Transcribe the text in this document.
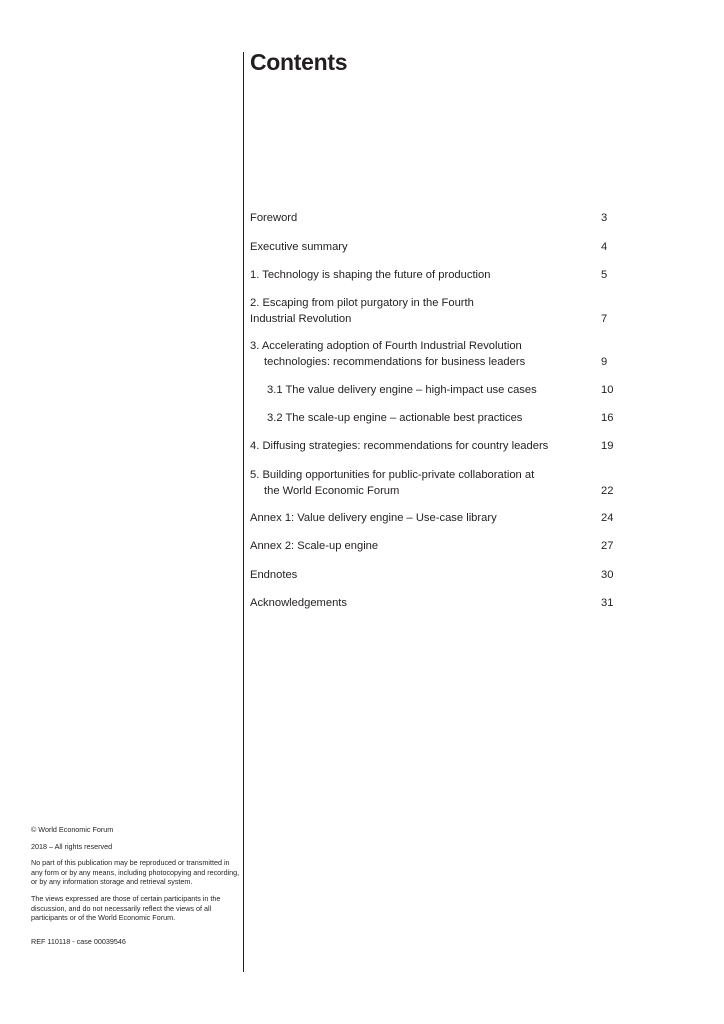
Contents
Foreword	3
Executive summary	4
1. Technology is shaping the future of production	5
2. Escaping from pilot purgatory in the Fourth
Industrial Revolution	7
3. Accelerating adoption of Fourth Industrial Revolution
technologies: recommendations for business leaders	9
3.1 The value delivery engine – high-impact use cases	10
3.2 The scale-up engine – actionable best practices	16
4. Diffusing strategies: recommendations for country leaders	19
5. Building opportunities for public-private collaboration at
the World Economic Forum	22
Annex 1: Value delivery engine – Use-case library	24
Annex 2: Scale-up engine	27
Endnotes	30
Acknowledgements	31

© World Economic Forum

2018 – All rights reserved

No part of this publication may be reproduced or transmitted in any form or by any means, including photocopying and recording, or by any information storage and retrieval system.

The views expressed are those of certain participants in the discussion, and do not necessarily reflect the views of all participants or of the World Economic Forum.

REF 110118 - case 00039546
